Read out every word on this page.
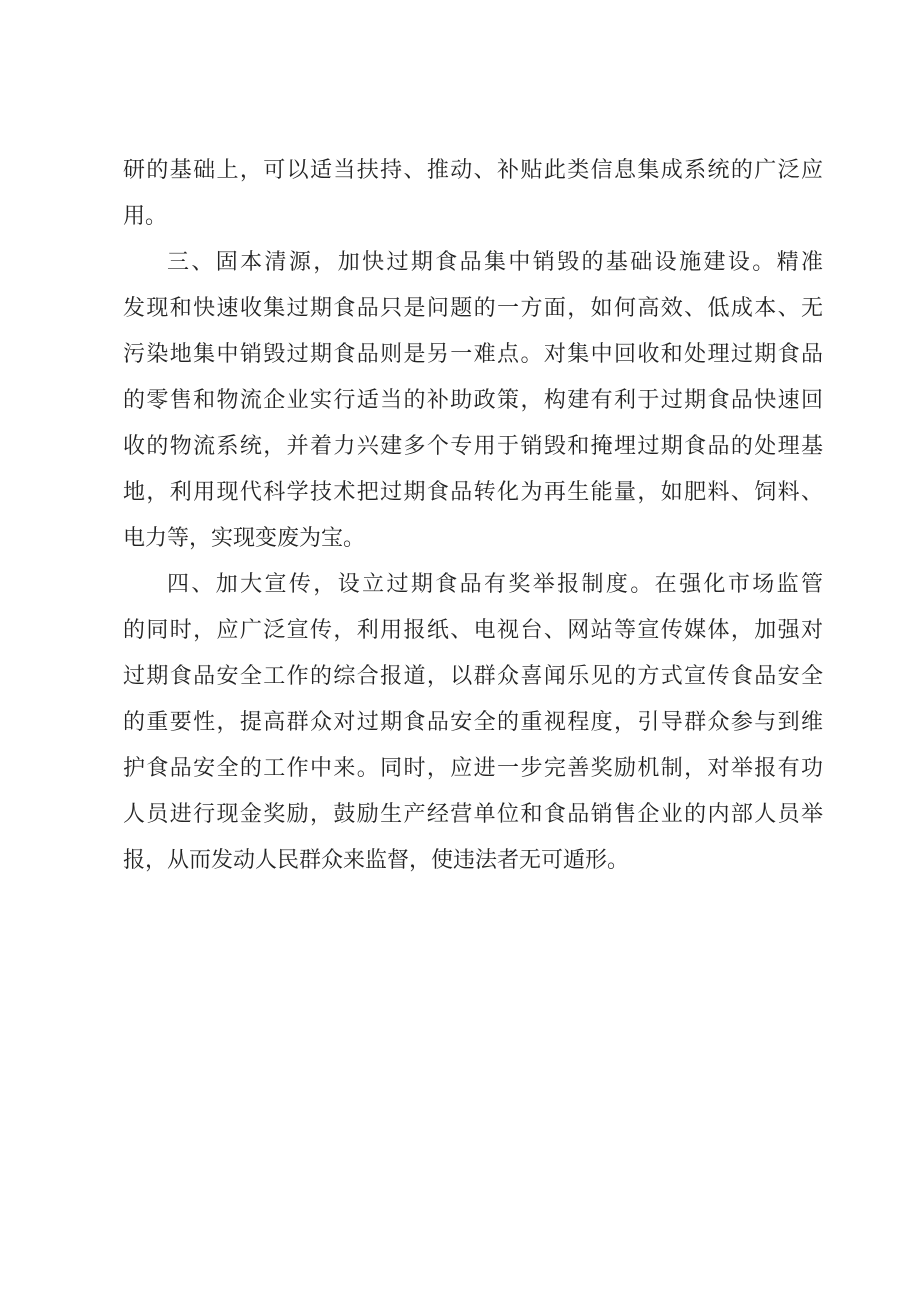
研的基础上，可以适当扶持、推动、补贴此类信息集成系统的广泛应
用。
三、固本清源，加快过期食品集中销毁的基础设施建设。精准
发现和快速收集过期食品只是问题的一方面，如何高效、低成本、无
污染地集中销毁过期食品则是另一难点。对集中回收和处理过期食品
的零售和物流企业实行适当的补助政策，构建有利于过期食品快速回
收的物流系统，并着力兴建多个专用于销毁和掩埋过期食品的处理基
地，利用现代科学技术把过期食品转化为再生能量，如肥料、饲料、
电力等，实现变废为宝。
四、加大宣传，设立过期食品有奖举报制度。在强化市场监管
的同时，应广泛宣传，利用报纸、电视台、网站等宣传媒体，加强对
过期食品安全工作的综合报道，以群众喜闻乐见的方式宣传食品安全
的重要性，提高群众对过期食品安全的重视程度，引导群众参与到维
护食品安全的工作中来。同时，应进一步完善奖励机制，对举报有功
人员进行现金奖励，鼓励生产经营单位和食品销售企业的内部人员举
报，从而发动人民群众来监督，使违法者无可遁形。
